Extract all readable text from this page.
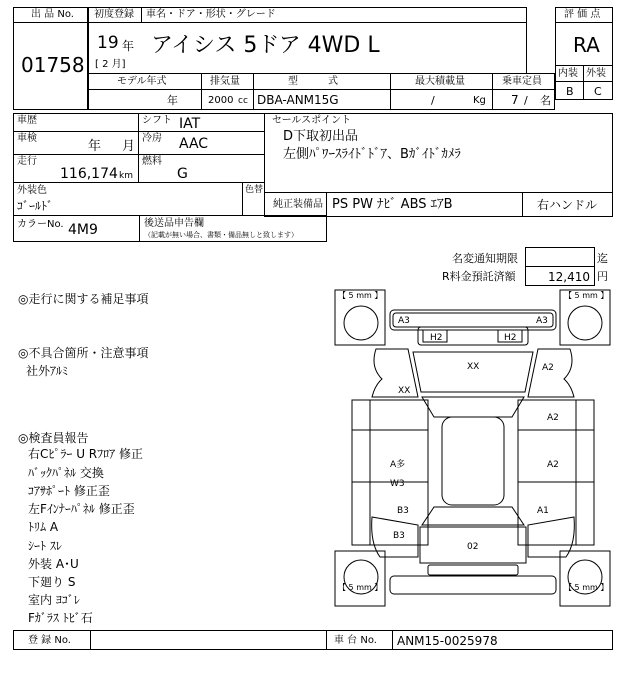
出 品 No.
01758
初度登録 車名・ドア・形状・グレード
19 年
[ 2 月]
アイシス 5ドア 4WD L
評 価 点
RA
内装 外装
B C
モデル年式	排気量	型　　　式	最大積載量	乗車定員
年	2000 cc DBA-ANM15G	/	Kg 7 / 名
車歴
車検
年 月
走行
116,174 km
シフト IAT
冷房 AAC
燃料
G
セールスポイント
D下取初出品
左側ﾊﾟﾜｰｽﾗｲﾄﾞﾄﾞｱ、Bｶﾞｲﾄﾞｶﾒﾗ
外装色
ｺﾞｰﾙﾄﾞ
色替
純正装備品 PS PW ﾅﾋﾞ ABS ｴｱB	右ハンドル
カラーNo. 4M9	後送品申告欄
（記載が無い場合、書類・備品無しと致します）
名変通知期限	迄
R料金預託済額	12,410 円
◎走行に関する補足事項
◎不具合箇所・注意事項
社外ｱﾙﾐ
◎検査員報告
右Cﾋﾟﾗｰ U Rﾌﾛｱ 修正
ﾊﾞｯｸﾊﾟﾈﾙ 交換
ｺｱｻﾎﾟｰﾄ 修正歪
左Fｲﾝﾅｰﾊﾟﾈﾙ 修正歪
ﾄﾘﾑ A
ｼｰﾄ ｽﾚ
外装 A･U
下廻り S
室内 ﾖｺﾞﾚ
Fｶﾞﾗｽ ﾄﾋﾞ石
【 5 mm 】	【 5 mm 】
【 5 mm 】	【 5 mm 】
A3	A3
H2	H2
XX
XX
A2
A2
A多
W3
A2
B3
B3
A1
02
登 録 No.	車 台 No. ANM15-0025978
